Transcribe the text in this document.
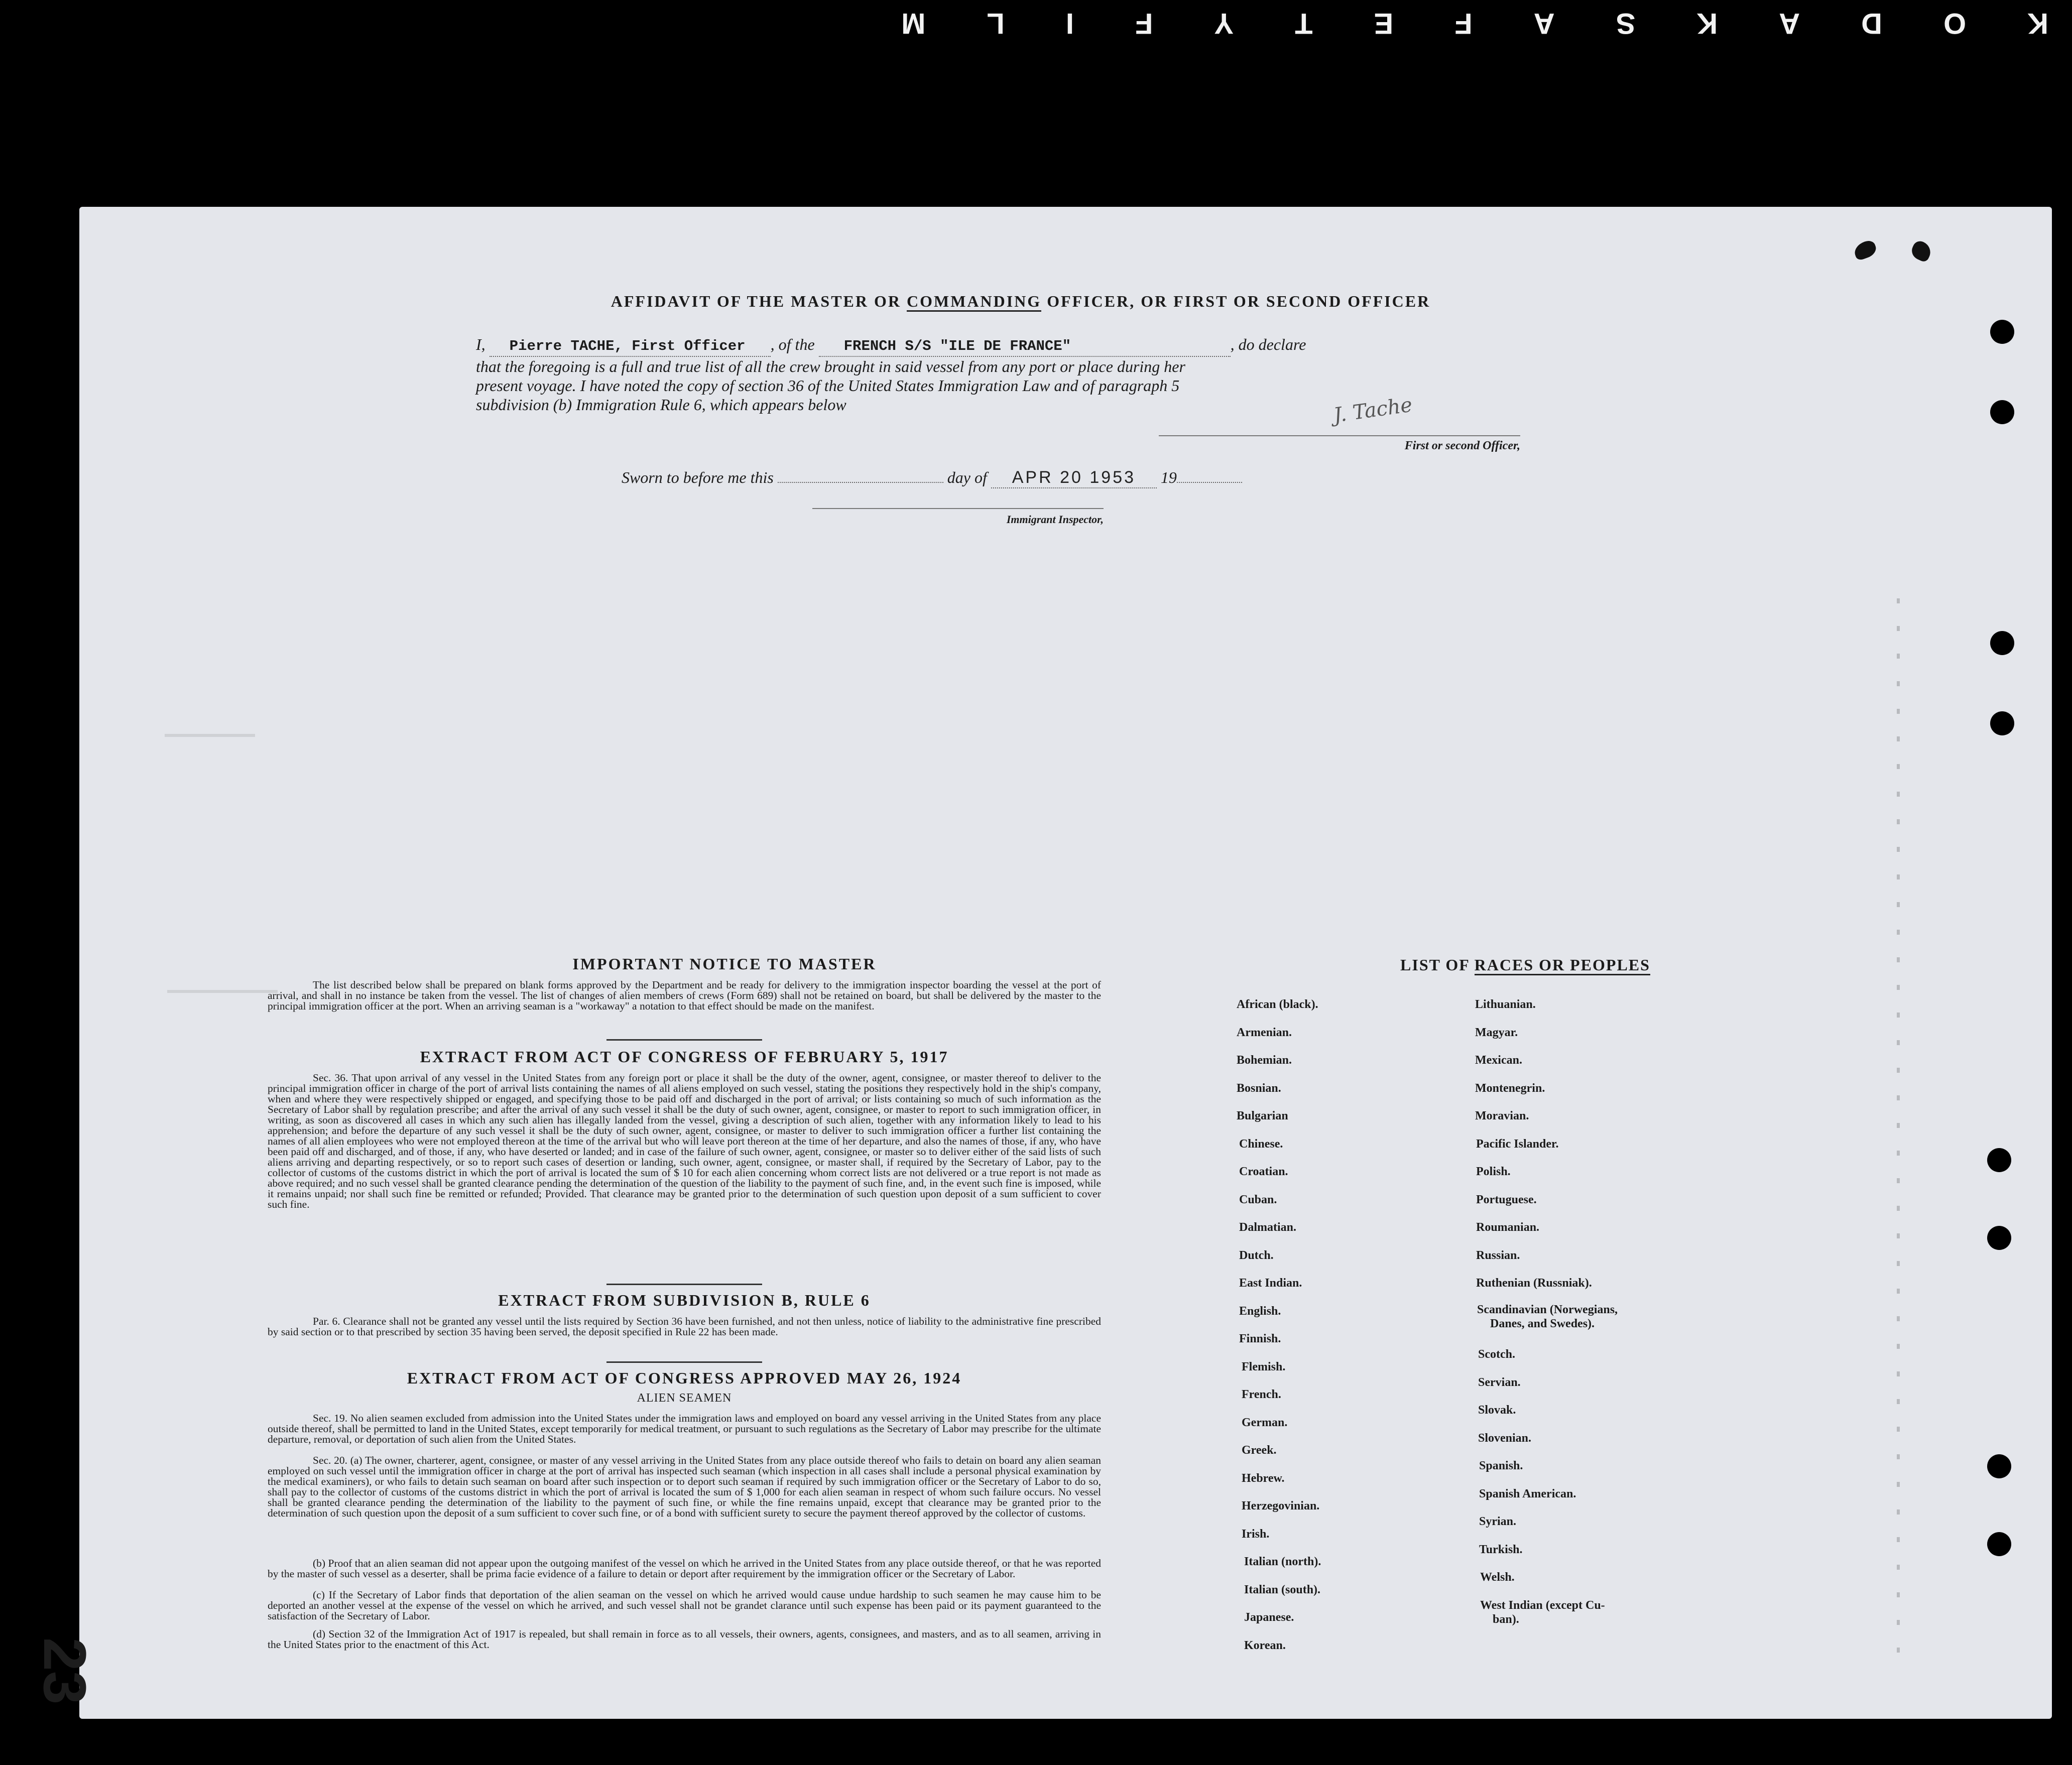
KODAKSAFETYFILM
AFFIDAVIT OF THE MASTER OR COMMANDING OFFICER, OR FIRST OR SECOND OFFICER
I, Pierre TACHE, First Officer , of the FRENCH S/S "ILE DE FRANCE"	, do declare
that the foregoing is a full and true list of all the crew brought in said vessel from any port or place during her
present voyage. I have noted the copy of section 36 of the United States Immigration Law and of paragraph 5
subdivision (b) Immigration Rule 6, which appears below	J. Tache
First or second Officer,
Sworn to before me this	day of APR 20 1953 19
Immigrant Inspector,
IMPORTANT NOTICE TO MASTER
The list described below shall be prepared on blank forms approved by the Department and be ready for delivery to the immigration inspector boarding the vessel at the port of arrival, and shall in no instance be taken from the vessel. The list of changes of alien members of crews (Form 689) shall not be retained on board, but shall be delivered by the master to the principal immigration officer at the port. When an arriving seaman is a "workaway" a notation to that effect should be made on the manifest.
EXTRACT FROM ACT OF CONGRESS OF FEBRUARY 5, 1917
Sec. 36. That upon arrival of any vessel in the United States from any foreign port or place it shall be the duty of the owner, agent, consignee, or master thereof to deliver to the principal immigration officer in charge of the port of arrival lists containing the names of all aliens employed on such vessel, stating the positions they respectively hold in the ship's company, when and where they were respectively shipped or engaged, and specifying those to be paid off and discharged in the port of arrival; or lists containing so much of such information as the Secretary of Labor shall by regulation prescribe; and after the arrival of any such vessel it shall be the duty of such owner, agent, consignee, or master to report to such immigration officer, in writing, as soon as discovered all cases in which any such alien has illegally landed from the vessel, giving a description of such alien, together with any information likely to lead to his apprehension; and before the departure of any such vessel it shall be the duty of such owner, agent, consignee, or master to deliver to such immigration officer a further list containing the names of all alien employees who were not employed thereon at the time of the arrival but who will leave port thereon at the time of her departure, and also the names of those, if any, who have been paid off and discharged, and of those, if any, who have deserted or landed; and in case of the failure of such owner, agent, consignee, or master so to deliver either of the said lists of such aliens arriving and departing respectively, or so to report such cases of desertion or landing, such owner, agent, consignee, or master shall, if required by the Secretary of Labor, pay to the collector of customs of the customs district in which the port of arrival is located the sum of $ 10 for each alien concerning whom correct lists are not delivered or a true report is not made as above required; and no such vessel shall be granted clearance pending the determination of the question of the liability to the payment of such fine, and, in the event such fine is imposed, while it remains unpaid; nor shall such fine be remitted or refunded; Provided. That clearance may be granted prior to the determination of such question upon deposit of a sum sufficient to cover such fine.
EXTRACT FROM SUBDIVISION B, RULE 6
Par. 6. Clearance shall not be granted any vessel until the lists required by Section 36 have been furnished, and not then unless, notice of liability to the administrative fine prescribed by said section or to that prescribed by section 35 having been served, the deposit specified in Rule 22 has been made.
EXTRACT FROM ACT OF CONGRESS APPROVED MAY 26, 1924
ALIEN SEAMEN
Sec. 19. No alien seamen excluded from admission into the United States under the immigration laws and employed on board any vessel arriving in the United States from any place outside thereof, shall be permitted to land in the United States, except temporarily for medical treatment, or pursuant to such regulations as the Secretary of Labor may prescribe for the ultimate departure, removal, or deportation of such alien from the United States.
Sec. 20. (a) The owner, charterer, agent, consignee, or master of any vessel arriving in the United States from any place outside thereof who fails to detain on board any alien seaman employed on such vessel until the immigration officer in charge at the port of arrival has inspected such seaman (which inspection in all cases shall include a personal physical examination by the medical examiners), or who fails to detain such seaman on board after such inspection or to deport such seaman if required by such immigration officer or the Secretary of Labor to do so, shall pay to the collector of customs of the customs district in which the port of arrival is located the sum of $ 1,000 for each alien seaman in respect of whom such failure occurs. No vessel shall be granted clearance pending the determination of the liability to the payment of such fine, or while the fine remains unpaid, except that clearance may be granted prior to the determination of such question upon the deposit of a sum sufficient to cover such fine, or of a bond with sufficient surety to secure the payment thereof approved by the collector of customs.
(b) Proof that an alien seaman did not appear upon the outgoing manifest of the vessel on which he arrived in the United States from any place outside thereof, or that he was reported by the master of such vessel as a deserter, shall be prima facie evidence of a failure to detain or deport after requirement by the immigration officer or the Secretary of Labor.
(c) If the Secretary of Labor finds that deportation of the alien seaman on the vessel on which he arrived would cause undue hardship to such seamen he may cause him to be deported an another vessel at the expense of the vessel on which he arrived, and such vessel shall not be grandet clarance until such expense has been paid or its payment guaranteed to the satisfaction of the Secretary of Labor.
(d) Section 32 of the Immigration Act of 1917 is repealed, but shall remain in force as to all vessels, their owners, agents, consignees, and masters, and as to all seamen, arriving in the United States prior to the enactment of this Act.
LIST OF RACES OR PEOPLES
African (black).
Armenian.
Bohemian.
Bosnian.
Bulgarian
Chinese.
Croatian.
Cuban.
Dalmatian.
Dutch.
East Indian.
English.
Finnish.
Flemish.
French.
German.
Greek.
Hebrew.
Herzegovinian.
Irish.
Italian (north).
Italian (south).
Japanese.
Korean.
Lithuanian.
Magyar.
Mexican.
Montenegrin.
Moravian.
Pacific Islander.
Polish.
Portuguese.
Roumanian.
Russian.
Ruthenian (Russniak).
Scandinavian (Norwegians,
Danes, and Swedes).
Scotch.
Servian.
Slovak.
Slovenian.
Spanish.
Spanish American.
Syrian.
Turkish.
Welsh.
West Indian (except Cu-
ban).
23
